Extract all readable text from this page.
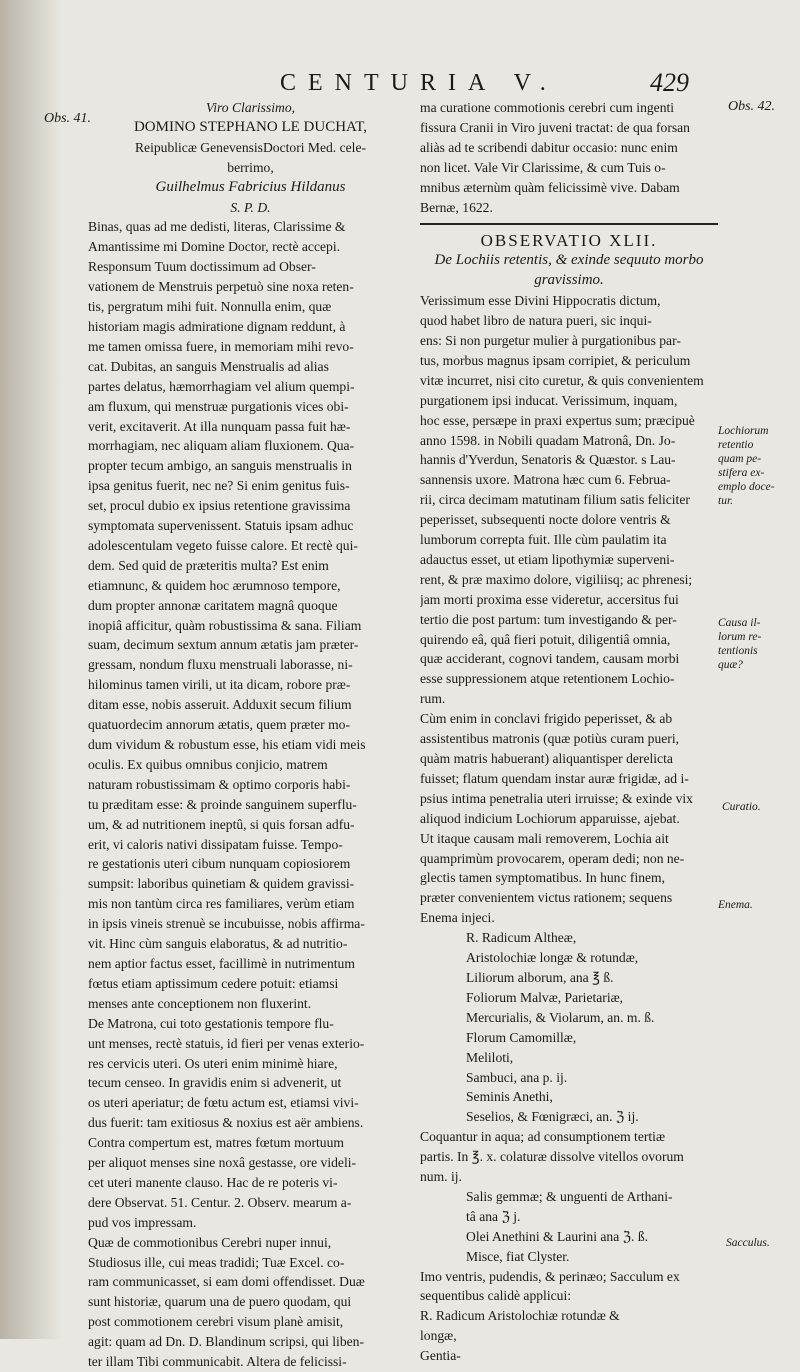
CENTURIA V.	429
Obs. 41.
Obs. 42.
Lochiorum
retentio
quam pe-
stifera ex-
emplo doce-
tur.
Causa il-
lorum re-
tentionis
quæ?
Curatio.
Enema.
Sacculus.
Viro Clarissimo,
DOMINO STEPHANO LE DUCHAT,
Reipublicæ GenevensisDoctori Med. cele-
berrimo,
Guilhelmus Fabricius Hildanus
S. P. D.
Binas, quas ad me dedisti, literas, Clarissime &
Amantissime mi Domine Doctor, rectè accepi.
Responsum Tuum doctissimum ad Obser-
vationem de Menstruis perpetuò sine noxa reten-
tis, pergratum mihi fuit. Nonnulla enim, quæ
historiam magis admiratione dignam reddunt, à
me tamen omissa fuere, in memoriam mihi revo-
cat. Dubitas, an sanguis Menstrualis ad alias
partes delatus, hæmorrhagiam vel alium quempi-
am fluxum, qui menstruæ purgationis vices obi-
verit, excitaverit. At illa nunquam passa fuit hæ-
morrhagiam, nec aliquam aliam fluxionem. Qua-
propter tecum ambigo, an sanguis menstrualis in
ipsa genitus fuerit, nec ne? Si enim genitus fuis-
set, procul dubio ex ipsius retentione gravissima
symptomata supervenissent. Statuis ipsam adhuc
adolescentulam vegeto fuisse calore. Et rectè qui-
dem. Sed quid de præteritis multa? Est enim
etiamnunc, & quidem hoc ærumnoso tempore,
dum propter annonæ caritatem magnâ quoque
inopiâ afficitur, quàm robustissima & sana. Filiam
suam, decimum sextum annum ætatis jam præter-
gressam, nondum fluxu menstruali laborasse, ni-
hilominus tamen virili, ut ita dicam, robore præ-
ditam esse, nobis asseruit. Adduxit secum filium
quatuordecim annorum ætatis, quem præter mo-
dum vividum & robustum esse, his etiam vidi meis
oculis. Ex quibus omnibus conjicio, matrem
naturam robustissimam & optimo corporis habi-
tu præditam esse: & proinde sanguinem superflu-
um, & ad nutritionem ineptû, si quis forsan adfu-
erit, vi caloris nativi dissipatam fuisse. Tempo-
re gestationis uteri cibum nunquam copiosiorem
sumpsit: laboribus quinetiam & quidem gravissi-
mis non tantùm circa res familiares, verùm etiam
in ipsis vineis strenuè se incubuisse, nobis affirma-
vit. Hinc cùm sanguis elaboratus, & ad nutritio-
nem aptior factus esset, facillimè in nutrimentum
fœtus etiam aptissimum cedere potuit: etiamsi
menses ante conceptionem non fluxerint.
De Matrona, cui toto gestationis tempore flu-
unt menses, rectè statuis, id fieri per venas exterio-
res cervicis uteri. Os uteri enim minimè hiare,
tecum censeo. In gravidis enim si advenerit, ut
os uteri aperiatur; de fœtu actum est, etiamsi vivi-
dus fuerit: tam exitiosus & noxius est aër ambiens.
Contra compertum est, matres fœtum mortuum
per aliquot menses sine noxâ gestasse, ore videli-
cet uteri manente clauso. Hac de re poteris vi-
dere Observat. 51. Centur. 2. Observ. mearum a-
pud vos impressam.
Quæ de commotionibus Cerebri nuper innui,
Studiosus ille, cui meas tradidi; Tuæ Excel. co-
ram communicasset, si eam domi offendisset. Duæ
sunt historiæ, quarum una de puero quodam, qui
post commotionem cerebri visum planè amisit,
agit: quam ad Dn. D. Blandinum scripsi, qui liben-
ter illam Tibi communicabit. Altera de felicissi-
ma curatione commotionis cerebri cum ingenti
fissura Cranii in Viro juveni tractat: de qua forsan
aliàs ad te scribendi dabitur occasio: nunc enim
non licet. Vale Vir Clarissime, & cum Tuis o-
mnibus æternùm quàm felicissimè vive. Dabam
Bernæ, 1622.
OBSERVATIO XLII.
De Lochiis retentis, & exinde sequuto morbo
gravissimo.
Verissimum esse Divini Hippocratis dictum,
quod habet libro de natura pueri, sic inqui-
ens: Si non purgetur mulier à purgationibus par-
tus, morbus magnus ipsam corripiet, & periculum
vitæ incurret, nisi cito curetur, & quis convenientem
purgationem ipsi inducat. Verissimum, inquam,
hoc esse, persæpe in praxi expertus sum; præcipuè
anno 1598. in Nobili quadam Matronâ, Dn. Jo-
hannis d'Yverdun, Senatoris & Quæstor. s Lau-
sannensis uxore. Matrona hæc cum 6. Februa-
rii, circa decimam matutinam filium satis feliciter
peperisset, subsequenti nocte dolore ventris &
lumborum correpta fuit. Ille cùm paulatim ita
adauctus esset, ut etiam lipothymiæ superveni-
rent, & præ maximo dolore, vigiliisq; ac phrenesi;
jam morti proxima esse videretur, accersitus fui
tertio die post partum: tum investigando & per-
quirendo eâ, quâ fieri potuit, diligentiâ omnia,
quæ acciderant, cognovi tandem, causam morbi
esse suppressionem atque retentionem Lochio-
rum.
Cùm enim in conclavi frigido peperisset, & ab
assistentibus matronis (quæ potiùs curam pueri,
quàm matris habuerant) aliquantisper derelicta
fuisset; flatum quendam instar auræ frigidæ, ad i-
psius intima penetralia uteri irruisse; & exinde vix
aliquod indicium Lochiorum apparuisse, ajebat.
Ut itaque causam mali removerem, Lochia ait
quamprimùm provocarem, operam dedi; non ne-
glectis tamen symptomatibus. In hunc finem,
præter convenientem victus rationem; sequens
Enema injeci.
R. Radicum Altheæ,
Aristolochiæ longæ & rotundæ,
Liliorum alborum, ana ℥ ß.
Foliorum Malvæ, Parietariæ,
Mercurialis, & Violarum, an. m. ß.
Florum Camomillæ,
Meliloti,
Sambuci, ana p. ij.
Seminis Anethi,
Seselios, & Fœnigræci, an. ℨ ij.
Coquantur in aqua; ad consumptionem tertiæ
partis. In ℥. x. colaturæ dissolve vitellos ovorum
num. ij.
Salis gemmæ; & unguenti de Arthani-
tâ ana ℨ j.
Olei Anethini & Laurini ana ℨ. ß.
Misce, fiat Clyster.
Imo ventris, pudendis, & perinæo; Sacculum ex
sequentibus calidè applicui:
R. Radicum Aristolochiæ rotundæ &
longæ,
Gentia-
